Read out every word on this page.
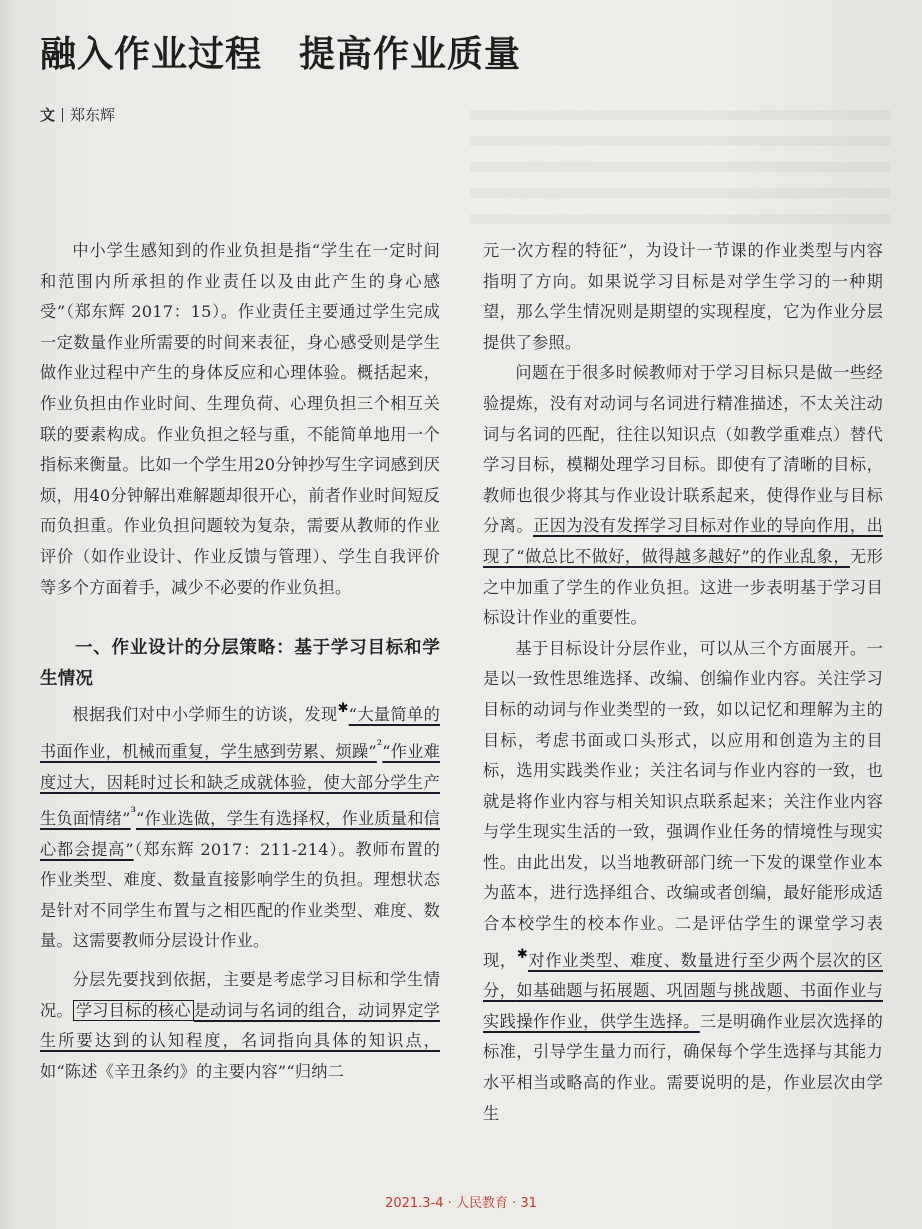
融入作业过程　提高作业质量
文 郑东辉

中小学生感知到的作业负担是指“学生在一定时间和范围内所承担的作业责任以及由此产生的身心感受”（郑东辉 2017：15）。作业责任主要通过学生完成一定数量作业所需要的时间来表征，身心感受则是学生做作业过程中产生的身体反应和心理体验。概括起来，作业负担由作业时间、生理负荷、心理负担三个相互关联的要素构成。作业负担之轻与重，不能简单地用一个指标来衡量。比如一个学生用20分钟抄写生字词感到厌烦，用40分钟解出难解题却很开心，前者作业时间短反而负担重。作业负担问题较为复杂，需要从教师的作业评价（如作业设计、作业反馈与管理）、学生自我评价等多个方面着手，减少不必要的作业负担。

一、作业设计的分层策略：基于学习目标和学生情况

根据我们对中小学师生的访谈，发现✱“大量简单的书面作业，机械而重复，学生感到劳累、烦躁”$^{^2}$“作业难度过大，因耗时过长和缺乏成就体验，使大部分学生产生负面情绪”$^{^3}$“作业选做，学生有选择权，作业质量和信心都会提高”（郑东辉 2017：211-214）。教师布置的作业类型、难度、数量直接影响学生的负担。理想状态是针对不同学生布置与之相匹配的作业类型、难度、数量。这需要教师分层设计作业。

分层先要找到依据，主要是考虑学习目标和学生情况。 学习目标的核心 是动词与名词的组合，动词界定学生所要达到的认知程度，名词指向具体的知识点，如“陈述《辛丑条约》的主要内容”“归纳二

元一次方程的特征”，为设计一节课的作业类型与内容指明了方向。如果说学习目标是对学生学习的一种期望，那么学生情况则是期望的实现程度，它为作业分层提供了参照。

问题在于很多时候教师对于学习目标只是做一些经验提炼，没有对动词与名词进行精准描述，不太关注动词与名词的匹配，往往以知识点（如教学重难点）替代学习目标，模糊处理学习目标。即使有了清晰的目标，教师也很少将其与作业设计联系起来，使得作业与目标分离。正因为没有发挥学习目标对作业的导向作用，出现了“做总比不做好，做得越多越好”的作业乱象，无形之中加重了学生的作业负担。这进一步表明基于学习目标设计作业的重要性。

基于目标设计分层作业，可以从三个方面展开。一是以一致性思维选择、改编、创编作业内容。关注学习目标的动词与作业类型的一致，如以记忆和理解为主的目标，考虑书面或口头形式，以应用和创造为主的目标，选用实践类作业；关注名词与作业内容的一致，也就是将作业内容与相关知识点联系起来；关注作业内容与学生现实生活的一致，强调作业任务的情境性与现实性。由此出发，以当地教研部门统一下发的课堂作业本为蓝本，进行选择组合、改编或者创编，最好能形成适合本校学生的校本作业。二是评估学生的课堂学习表现，✱对作业类型、难度、数量进行至少两个层次的区分，如基础题与拓展题、巩固题与挑战题、书面作业与实践操作作业，供学生选择。三是明确作业层次选择的标准，引导学生量力而行，确保每个学生选择与其能力水平相当或略高的作业。需要说明的是，作业层次由学生

2021.3-4 · 人民教育 · 31
